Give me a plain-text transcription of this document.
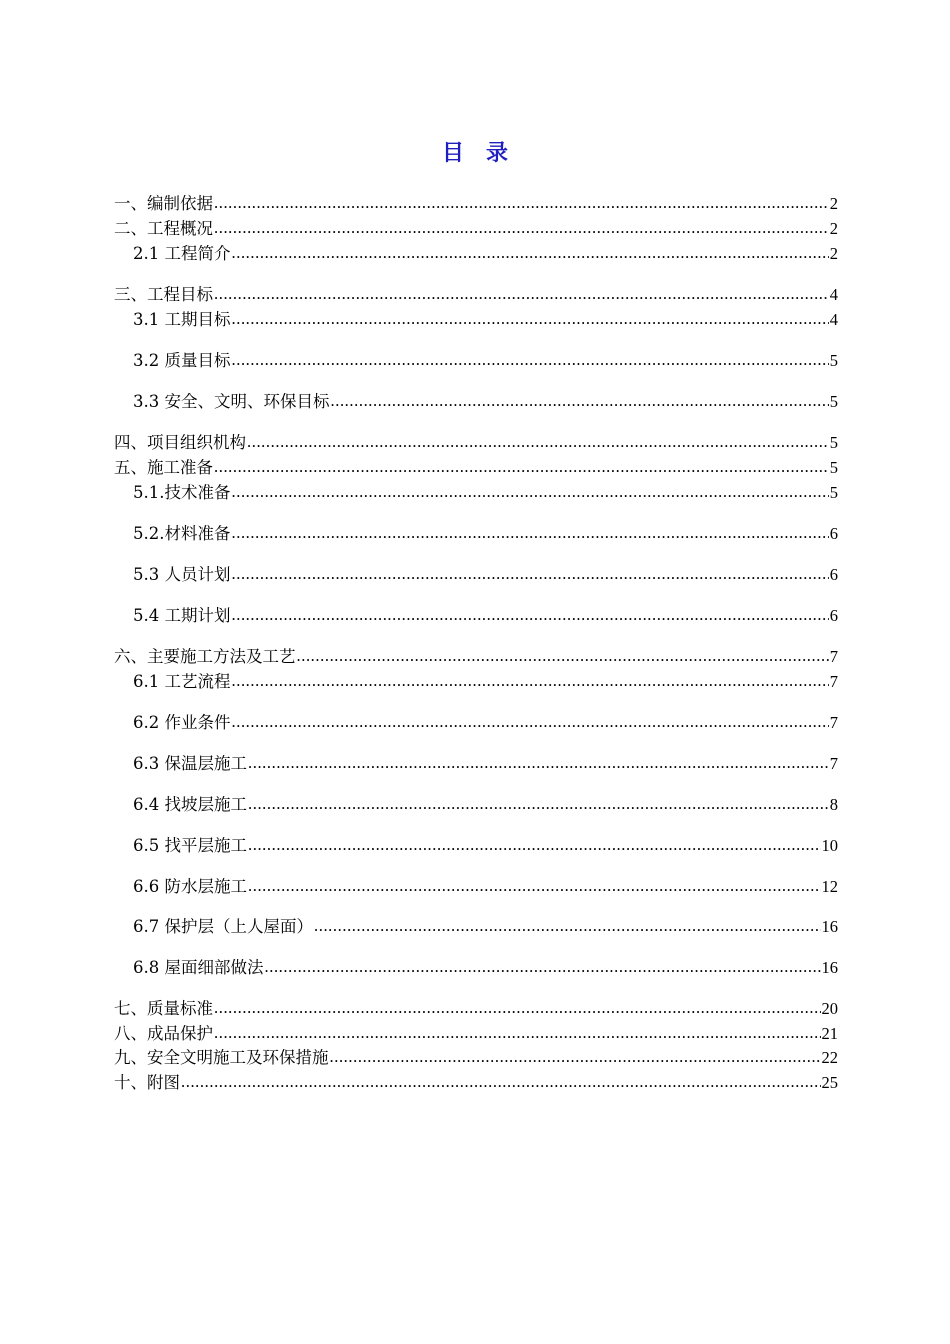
目 录
一、编制依据 .....	2
二、工程概况 .....	2
2.1 工程简介 .....	2
三、工程目标 .....	4
3.1 工期目标 .....	4
3.2 质量目标 .....	5
3.3 安全、文明、环保目标 .....	5
四、项目组织机构 .....	5
五、施工准备 .....	5
5.1.技术准备 .....	5
5.2.材料准备 .....	6
5.3 人员计划 .....	6
5.4 工期计划 .....	6
六、主要施工方法及工艺 .....	7
6.1 工艺流程 .....	7
6.2 作业条件 .....	7
6.3 保温层施工 .....	7
6.4 找坡层施工 .....	8
6.5 找平层施工 .....	10
6.6 防水层施工 .....	12
6.7 保护层（上人屋面） .....	16
6.8 屋面细部做法 .....	16
七、质量标准 .....	20
八、成品保护 .....	21
九、安全文明施工及环保措施 .....	22
十、附图 .....	25
